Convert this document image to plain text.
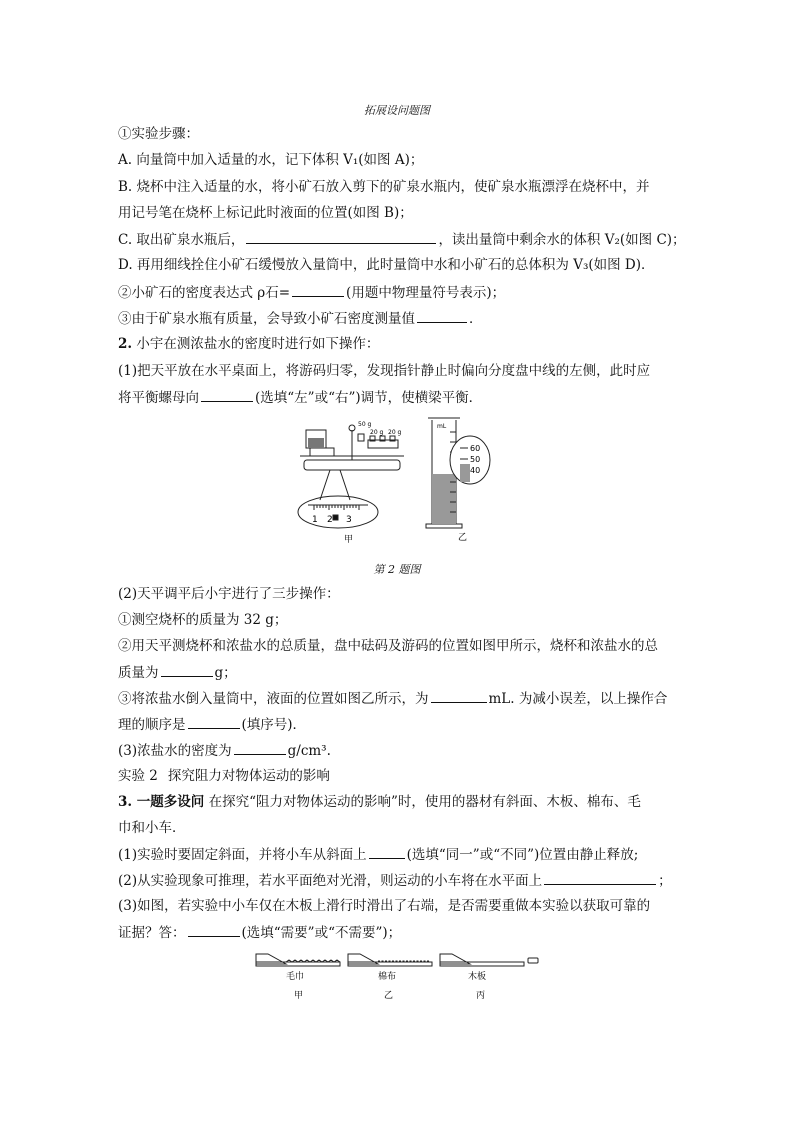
拓展设问题图
①实验步骤：
A. 向量筒中加入适量的水，记下体积 V₁(如图 A)；
B. 烧杯中注入适量的水，将小矿石放入剪下的矿泉水瓶内，使矿泉水瓶漂浮在烧杯中，并
用记号笔在烧杯上标记此时液面的位置(如图 B)；
C. 取出矿泉水瓶后，	，读出量筒中剩余水的体积 V₂(如图 C)；
D. 再用细线拴住小矿石缓慢放入量筒中，此时量筒中水和小矿石的总体积为 V₃(如图 D)．
②小矿石的密度表达式 ρ石=	(用题中物理量符号表示)；
③由于矿泉水瓶有质量，会导致小矿石密度测量值	．
2. 小宇在测浓盐水的密度时进行如下操作：
(1)把天平放在水平桌面上，将游码归零，发现指针静止时偏向分度盘中线的左侧，此时应
将平衡螺母向	(选填“左”或“右”)调节，使横梁平衡．
50 g
20 g 20 g
1 2 3
甲
mL
60
50
40
乙
第 2 题图
(2)天平调平后小宇进行了三步操作：
①测空烧杯的质量为 32 g；
②用天平测烧杯和浓盐水的总质量，盘中砝码及游码的位置如图甲所示，烧杯和浓盐水的总
质量为	g；
③将浓盐水倒入量筒中，液面的位置如图乙所示，为	mL. 为减小误差，以上操作合
理的顺序是	(填序号)．
(3)浓盐水的密度为	g/cm³.
实验 2 探究阻力对物体运动的影响
3. 一题多设问 在探究“阻力对物体运动的影响”时，使用的器材有斜面、木板、棉布、毛
巾和小车．
(1)实验时要固定斜面，并将小车从斜面上	(选填“同一”或“不同”)位置由静止释放;
(2)从实验现象可推理，若水平面绝对光滑，则运动的小车将在水平面上	；
(3)如图，若实验中小车仅在木板上滑行时滑出了右端，是否需要重做本实验以获取可靠的
证据？答：	(选填“需要”或“不需要”)；
毛巾	棉布	木板
甲	乙	丙
